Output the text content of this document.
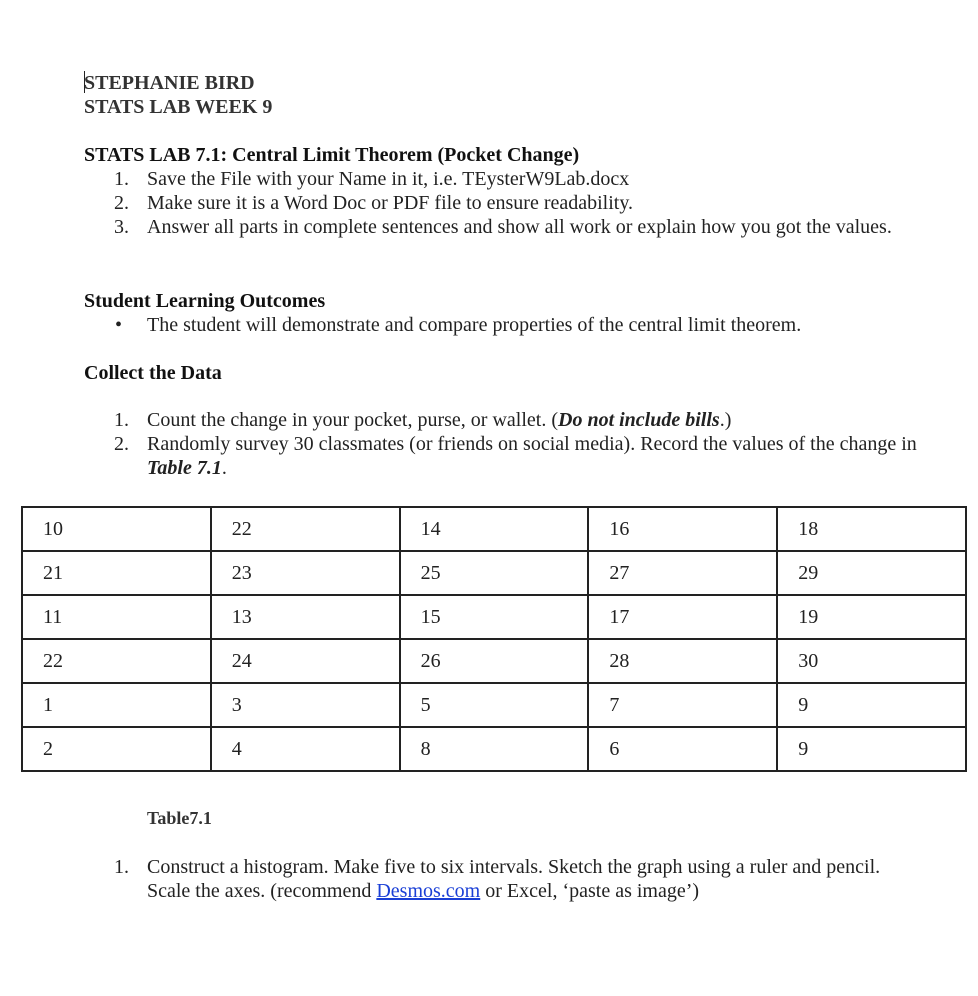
STEPHANIE BIRD
STATS LAB WEEK 9
STATS LAB 7.1: Central Limit Theorem (Pocket Change)
1. Save the File with your Name in it, i.e. TEysterW9Lab.docx
2. Make sure it is a Word Doc or PDF file to ensure readability.
3. Answer all parts in complete sentences and show all work or explain how you got the values.
Student Learning Outcomes
• The student will demonstrate and compare properties of the central limit theorem.
Collect the Data
1. Count the change in your pocket, purse, or wallet. (Do not include bills.)
2. Randomly survey 30 classmates (or friends on social media). Record the values of the change in Table 7.1.
10	22	14	16	18
21	23	25	27	29
11	13	15	17	19
22	24	26	28	30
1	3	5	7	9
2	4	8	6	9
Table7.1
1. Construct a histogram. Make five to six intervals. Sketch the graph using a ruler and pencil. Scale the axes. (recommend Desmos.com or Excel, ‘paste as image’)
